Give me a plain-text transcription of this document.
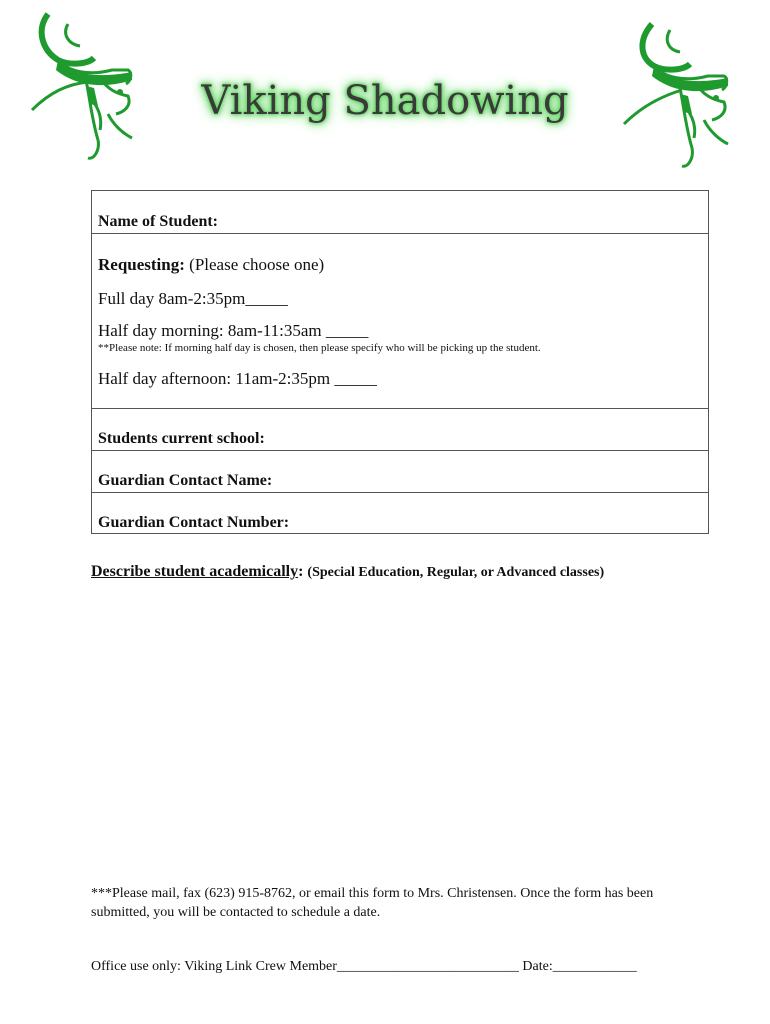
Viking Shadowing
Name of Student:
Requesting: (Please choose one)
Full day 8am-2:35pm_____
Half day morning: 8am-11:35am _____
**Please note: If morning half day is chosen, then please specify who will be picking up the student.
Half day afternoon: 11am-2:35pm _____
Students current school:
Guardian Contact Name:
Guardian Contact Number:
Describe student academically: (Special Education, Regular, or Advanced classes)
***Please mail, fax (623) 915-8762, or email this form to Mrs. Christensen. Once the form has been submitted, you will be contacted to schedule a date.
Office use only: Viking Link Crew Member__________________________ Date:____________
